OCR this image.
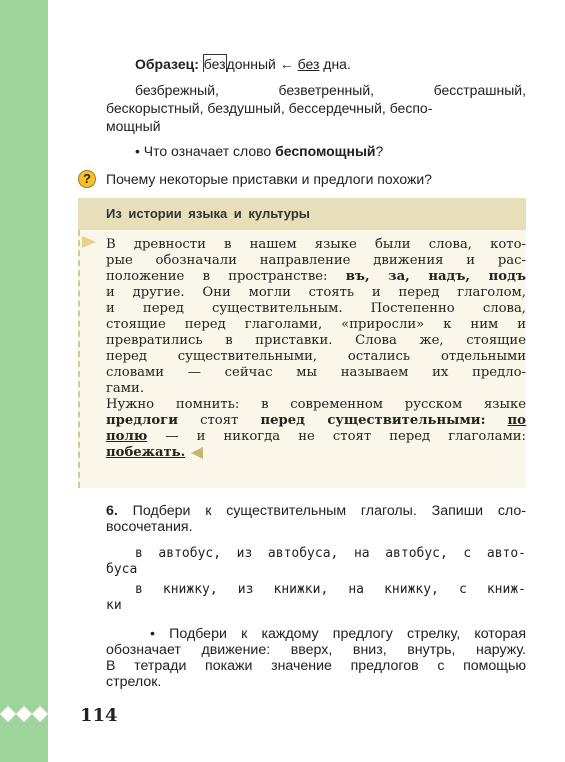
114
Образец: бездонный ← без дна.
безбрежный,	безветренный,	бесстрашный,
бескорыстный, бездушный, бессердечный, беспо-
мощный
• Что означает слово беспомощный?
?	Почему некоторые приставки и предлоги похожи?
Из истории языка и культуры
В древности в нашем языке были слова, кото-
рые обозначали направление движения и рас-
положение в пространстве: въ, за, надъ, подъ
и другие. Они могли стоять и перед глаголом,
и перед существительным. Постепенно слова,
стоящие перед глаголами, «приросли» к ним и
превратились в приставки. Слова же, стоящие
перед существительными, остались отдельными
словами — сейчас мы называем их предло-
гами.
Нужно помнить: в современном русском языке
предлоги стоят перед существительными: по
полю — и никогда не стоят перед глаголами:
побежать.
6. Подбери к существительным глаголы. Запиши сло-
восочетания.
в автобус, из автобуса, на автобус, с авто-
буса
в книжку, из книжки, на книжку, с книж-
ки
• Подбери к каждому предлогу стрелку, которая
обозначает движение: вверх, вниз, внутрь, наружу.
В тетради покажи значение предлогов с помощью
стрелок.
